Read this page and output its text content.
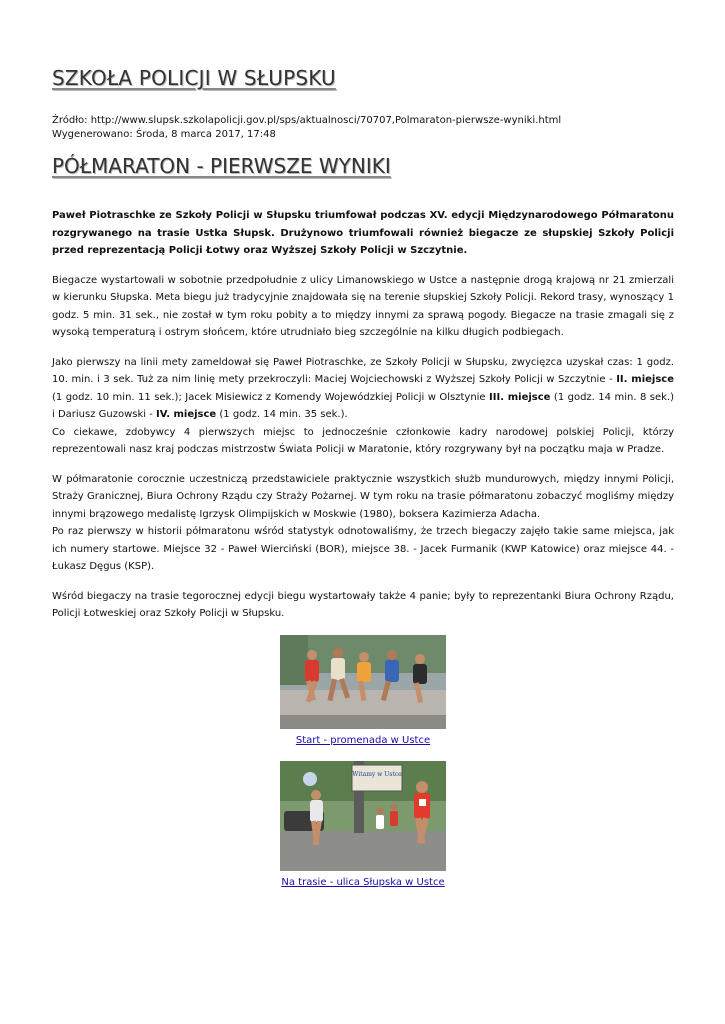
SZKOŁA POLICJI W SŁUPSKU
Źródło: http://www.slupsk.szkolapolicji.gov.pl/sps/aktualnosci/70707,Polmaraton-pierwsze-wyniki.html
Wygenerowano: Środa, 8 marca 2017, 17:48
PÓŁMARATON - PIERWSZE WYNIKI

Paweł Piotraschke ze Szkoły Policji w Słupsku triumfował podczas XV. edycji Międzynarodowego Półmaratonu rozgrywanego na trasie Ustka Słupsk. Drużynowo triumfowali również biegacze ze słupskiej Szkoły Policji przed reprezentacją Policji Łotwy oraz Wyższej Szkoły Policji w Szczytnie.

Biegacze wystartowali w sobotnie przedpołudnie z ulicy Limanowskiego w Ustce a następnie drogą krajową nr 21 zmierzali w kierunku Słupska. Meta biegu już tradycyjnie znajdowała się na terenie słupskiej Szkoły Policji. Rekord trasy, wynoszący 1 godz. 5 min. 31 sek., nie został w tym roku pobity a to między innymi za sprawą pogody. Biegacze na trasie zmagali się z wysoką temperaturą i ostrym słońcem, które utrudniało bieg szczególnie na kilku długich podbiegach.

Jako pierwszy na linii mety zameldował się Paweł Piotraschke, ze Szkoły Policji w Słupsku, zwycięzca uzyskał czas: 1 godz. 10. min. i 3 sek. Tuż za nim linię mety przekroczyli: Maciej Wojciechowski z Wyższej Szkoły Policji w Szczytnie - II. miejsce (1 godz. 10 min. 11 sek.); Jacek Misiewicz z Komendy Wojewódzkiej Policji w Olsztynie III. miejsce (1 godz. 14 min. 8 sek.) i Dariusz Guzowski - IV. miejsce (1 godz. 14 min. 35 sek.).
Co ciekawe, zdobywcy 4 pierwszych miejsc to jednocześnie członkowie kadry narodowej polskiej Policji, którzy reprezentowali nasz kraj podczas mistrzostw Świata Policji w Maratonie, który rozgrywany był na początku maja w Pradze.

W półmaratonie corocznie uczestniczą przedstawiciele praktycznie wszystkich służb mundurowych, między innymi Policji, Straży Granicznej, Biura Ochrony Rządu czy Straży Pożarnej. W tym roku na trasie półmaratonu zobaczyć mogliśmy między innymi brązowego medalistę Igrzysk Olimpijskich w Moskwie (1980), boksera Kazimierza Adacha.
Po raz pierwszy w historii półmaratonu wśród statystyk odnotowaliśmy, że trzech biegaczy zajęło takie same miejsca, jak ich numery startowe. Miejsce 32 - Paweł Wierciński (BOR), miejsce 38. - Jacek Furmanik (KWP Katowice) oraz miejsce 44. - Łukasz Dęgus (KSP).

Wśród biegaczy na trasie tegorocznej edycji biegu wystartowały także 4 panie; były to reprezentanki Biura Ochrony Rządu, Policji Łotweskiej oraz Szkoły Policji w Słupsku.

Start - promenada w Ustce
Witamy w Ustce
Na trasie - ulica Słupska w Ustce
